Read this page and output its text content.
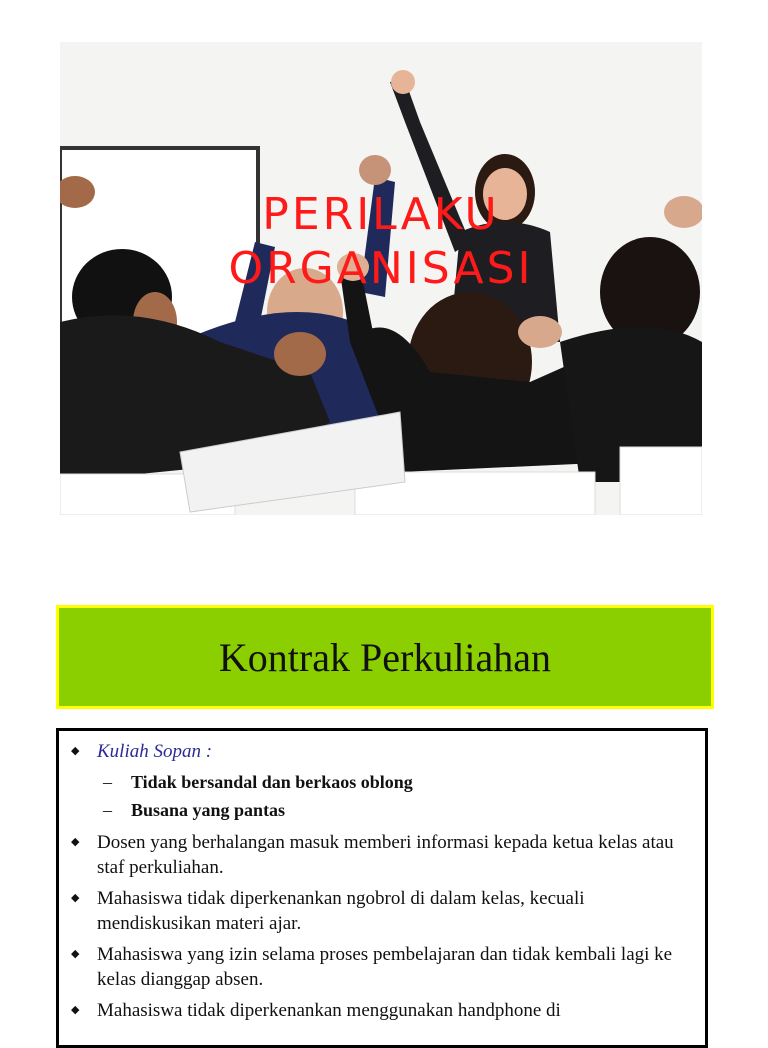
PERILAKU
ORGANISASI
Kontrak Perkuliahan
◆ Kuliah Sopan :
– Tidak bersandal dan berkaos oblong
– Busana yang pantas
◆ Dosen yang berhalangan masuk memberi informasi kepada ketua kelas atau staf perkuliahan.
◆ Mahasiswa tidak diperkenankan ngobrol di dalam kelas, kecuali mendiskusikan materi ajar.
◆ Mahasiswa yang izin selama proses pembelajaran dan tidak kembali lagi ke kelas dianggap absen.
◆ Mahasiswa tidak diperkenankan menggunakan handphone di
